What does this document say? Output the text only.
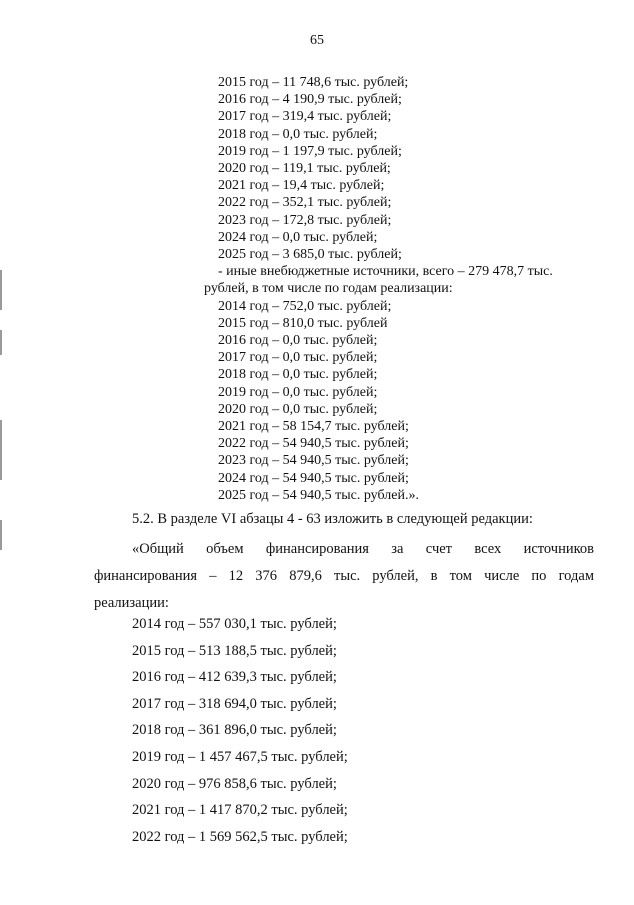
65
2015 год – 11 748,6 тыс. рублей;
2016 год – 4 190,9 тыс. рублей;
2017 год – 319,4 тыс. рублей;
2018 год – 0,0 тыс. рублей;
2019 год – 1 197,9 тыс. рублей;
2020 год – 119,1 тыс. рублей;
2021 год – 19,4 тыс. рублей;
2022 год – 352,1 тыс. рублей;
2023 год – 172,8 тыс. рублей;
2024 год – 0,0 тыс. рублей;
2025 год – 3 685,0 тыс. рублей;
- иные внебюджетные источники, всего – 279 478,7 тыс.
рублей, в том числе по годам реализации:
2014 год – 752,0 тыс. рублей;
2015 год – 810,0 тыс. рублей
2016 год – 0,0 тыс. рублей;
2017 год – 0,0 тыс. рублей;
2018 год – 0,0 тыс. рублей;
2019 год – 0,0 тыс. рублей;
2020 год – 0,0 тыс. рублей;
2021 год – 58 154,7 тыс. рублей;
2022 год – 54 940,5 тыс. рублей;
2023 год – 54 940,5 тыс. рублей;
2024 год – 54 940,5 тыс. рублей;
2025 год – 54 940,5 тыс. рублей.».
5.2. В разделе VI абзацы 4 - 63 изложить в следующей редакции:
«Общий объем финансирования за счет всех источников
финансирования – 12 376 879,6 тыс. рублей, в том числе по годам
реализации:
2014 год – 557 030,1 тыс. рублей;
2015 год – 513 188,5 тыс. рублей;
2016 год – 412 639,3 тыс. рублей;
2017 год – 318 694,0 тыс. рублей;
2018 год – 361 896,0 тыс. рублей;
2019 год – 1 457 467,5 тыс. рублей;
2020 год – 976 858,6 тыс. рублей;
2021 год – 1 417 870,2 тыс. рублей;
2022 год – 1 569 562,5 тыс. рублей;
